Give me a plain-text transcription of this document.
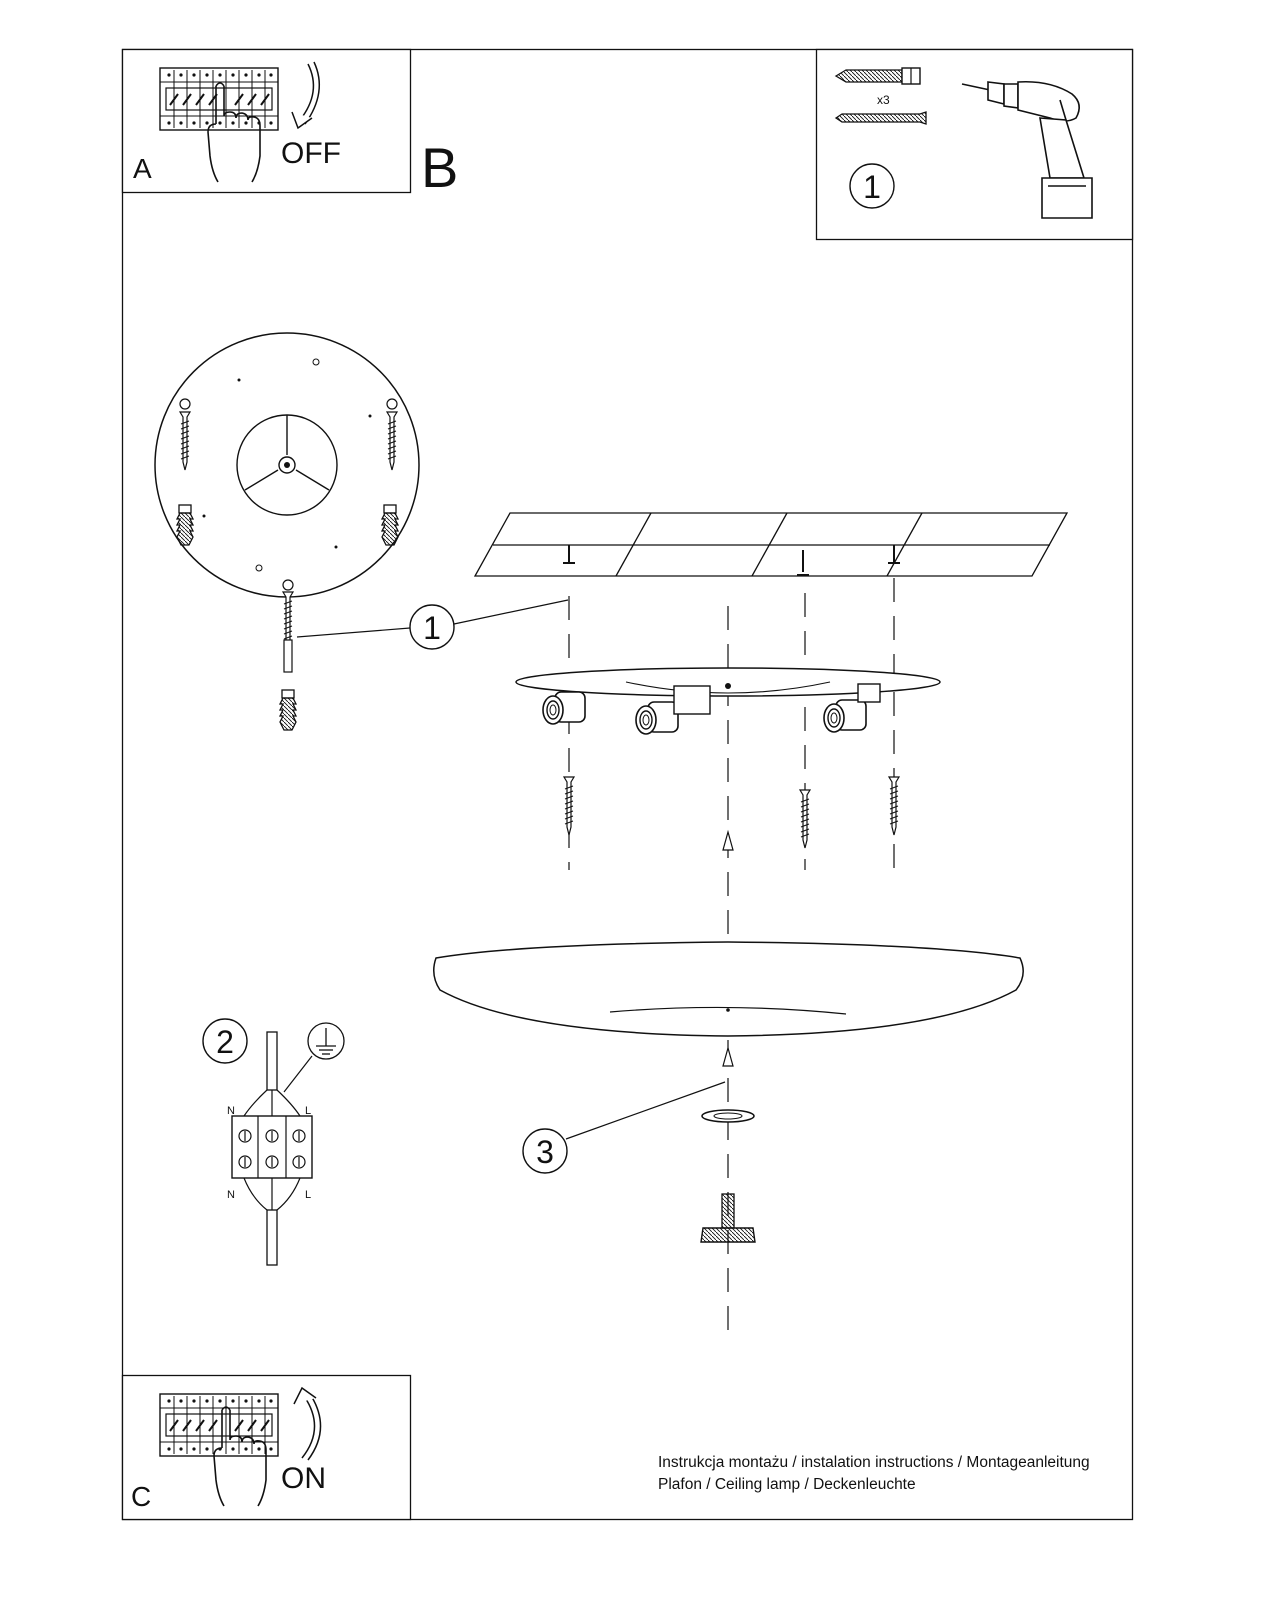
A	OFF B
x3
1
1
3
2
N	L
N	L
C
ON	Instrukcja montażu / instalation instructions / Montageanleitung
Plafon / Ceiling lamp / Deckenleuchte
